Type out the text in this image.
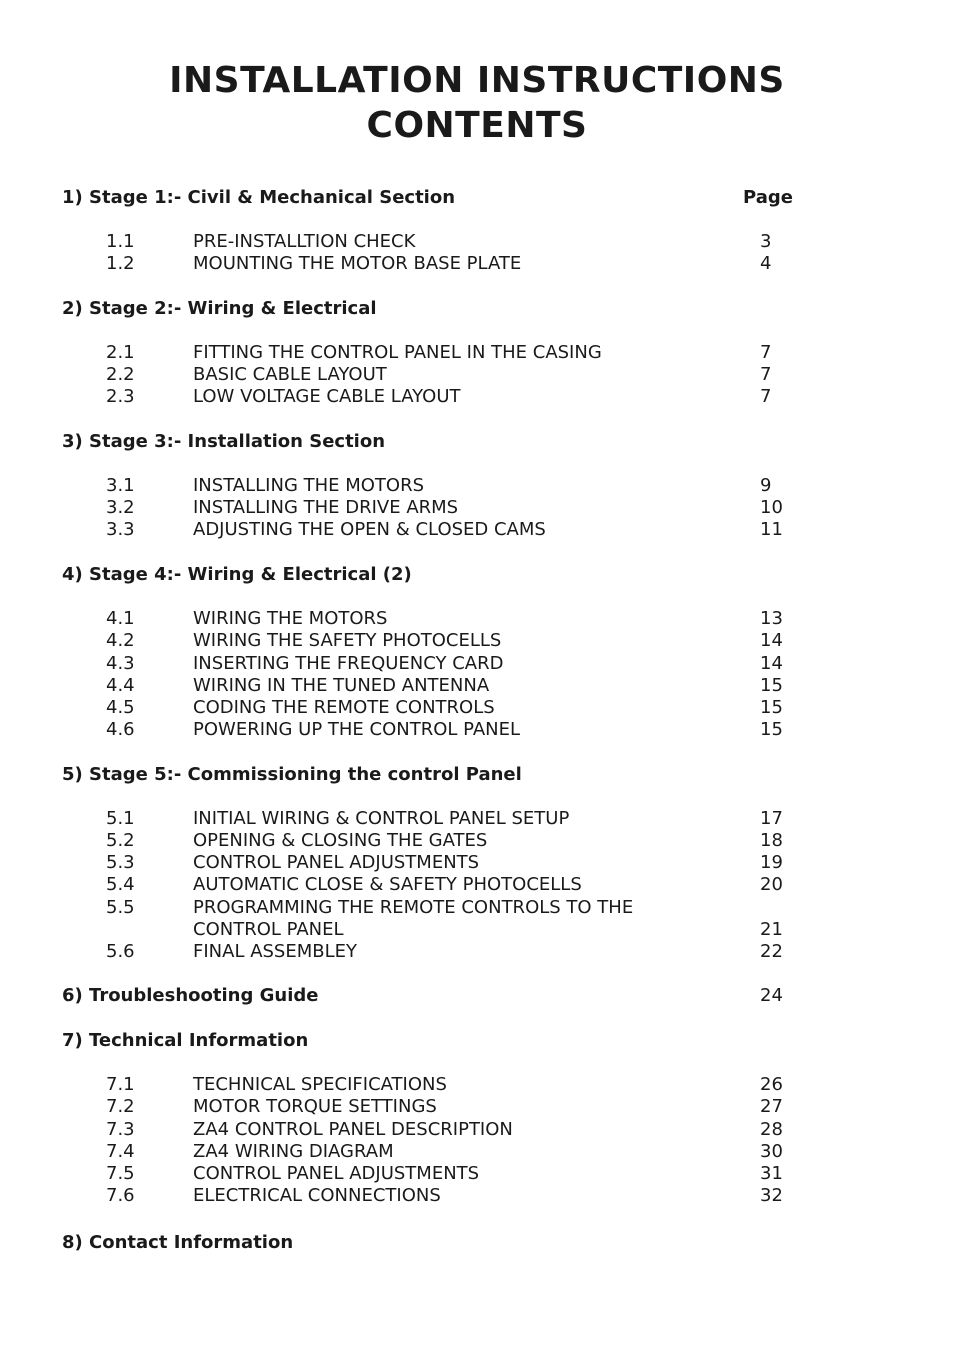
INSTALLATION INSTRUCTIONS
CONTENTS
1) Stage 1:- Civil & Mechanical Section	Page
1.1	PRE-INSTALLTION CHECK	3
1.2	MOUNTING THE MOTOR BASE PLATE	4
2) Stage 2:- Wiring & Electrical
2.1	FITTING THE CONTROL PANEL IN THE CASING	7
2.2	BASIC CABLE LAYOUT	7
2.3	LOW VOLTAGE CABLE LAYOUT	7
3) Stage 3:- Installation Section
3.1	INSTALLING THE MOTORS	9
3.2	INSTALLING THE DRIVE ARMS	10
3.3	ADJUSTING THE OPEN & CLOSED CAMS	11
4) Stage 4:- Wiring & Electrical (2)
4.1	WIRING THE MOTORS	13
4.2	WIRING THE SAFETY PHOTOCELLS	14
4.3	INSERTING THE FREQUENCY CARD	14
4.4	WIRING IN THE TUNED ANTENNA	15
4.5	CODING THE REMOTE CONTROLS	15
4.6	POWERING UP THE CONTROL PANEL	15
5) Stage 5:- Commissioning the control Panel
5.1	INITIAL WIRING & CONTROL PANEL SETUP	17
5.2	OPENING & CLOSING THE GATES	18
5.3	CONTROL PANEL ADJUSTMENTS	19
5.4	AUTOMATIC CLOSE & SAFETY PHOTOCELLS	20
5.5	PROGRAMMING THE REMOTE CONTROLS TO THE
CONTROL PANEL	21
5.6	FINAL ASSEMBLEY	22
6) Troubleshooting Guide	24
7) Technical Information
7.1	TECHNICAL SPECIFICATIONS	26
7.2	MOTOR TORQUE SETTINGS	27
7.3	ZA4 CONTROL PANEL DESCRIPTION	28
7.4	ZA4 WIRING DIAGRAM	30
7.5	CONTROL PANEL ADJUSTMENTS	31
7.6	ELECTRICAL CONNECTIONS	32
8) Contact Information
